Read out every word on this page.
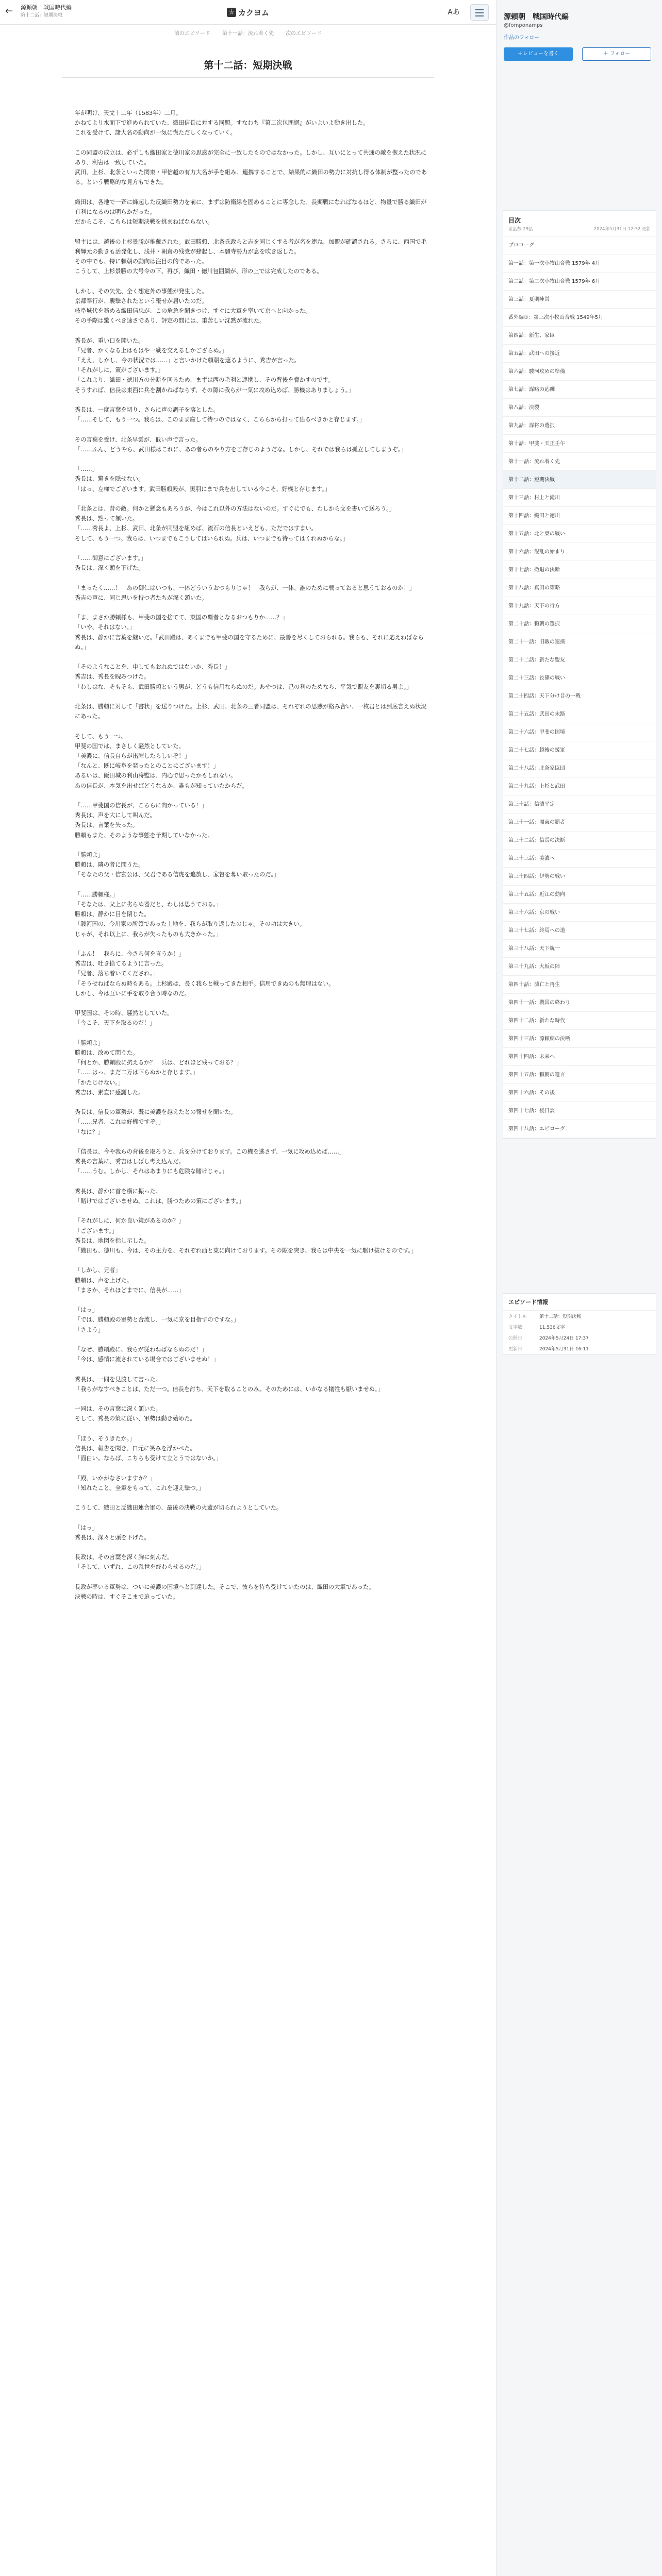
←	源頼朝　戦国時代編
第十二話：短期決戦	カ カクヨム	Aあ
前のエピソード 第十一話：流れ着く先 次のエピソード
第十二話：短期決戦

年が明け、天文十二年（1583年）二月。

かねてより水面下で進められていた、織田信長に対する同盟。すなわち『第二次包囲網』がいよいよ動き出した。

これを受けて、諸大名の動向が一気に慌ただしくなっていく。

この同盟の成立は、必ずしも織田家と德川家の思惑が完全に一致したものではなかった。しかし、互いにとって共通の敵を抱えた状況にあり、利害は一致していた。

武田、上杉、北条といった関東・甲信越の有力大名が手を組み、連携することで、結果的に織田の勢力に対抗し得る体制が整ったのである。という戦略的な見方もできた。

織田は、各地で一斉に蜂起した反織田勢力を前に、まずは防衛線を固めることに専念した。長期戦になればなるほど、物量で勝る織田が有利になるのは明らかだった。

だからこそ、こちらは短期決戦を挑まねばならない。

盟主には、越後の上杉景勝が推戴された。武田勝頼、北条氏政らと志を同じくする者が名を連ね、加盟が確認される。さらに、西国で毛利輝元の動きも活発化し、浅井・朝倉の残党が蜂起し、本願寺勢力が息を吹き返した。

その中でも、特に頼朝の動向は注目の的であった。

こうして、上杉景勝の大号令の下、再び、織田・徳川包囲網が、形の上では完成したのである。

しかし、その矢先、全く想定外の事態が発生した。

京都奉行が、襲撃されたという報せが届いたのだ。

岐阜城代を務める織田信忠が、この危急を聞きつけ、すぐに大軍を率いて京へと向かった。

その手際は驚くべき速さであり、評定の間には、重苦しい沈黙が流れた。

秀長が、重い口を開いた。

「兄者、かくなる上はもはや一戦を交えるしかござらぬ。」

「ええ、しかし、今の状況では……」と言いかけた頼朝を遮るように、秀吉が言った。

「それがしに、策がございます。」

「これより、織田・徳川方の分断を図るため、まずは西の毛利と連携し、その背後を脅かすのです。

そうすれば、信長は東西に兵を割かねばならず、その隙に我らが一気に攻め込めば、勝機はありましょう。」

秀長は、一度言葉を切り、さらに声の調子を落とした。

「……そして、もう一つ。我らは、このまま座して待つのではなく、こちらから打って出るべきかと存じます。」

その言葉を受け、北条早雲が、低い声で言った。

「……ふん、どうやら、武田様はこれに、あの者らのやり方をご存じのようだな。しかし、それでは我らは孤立してしまうぞ。」

「……」

秀長は、驚きを隠せない。

「はっ、左様でございます。武田勝頼殿が、奥羽にまで兵を出している今こそ、好機と存じます。」

「北条とは、昔の敵。何かと懸念もあろうが、今はこれ以外の方法はないのだ。すぐにでも、わしから文を書いて送ろう。」

秀長は、黙って頷いた。

「……秀長よ、上杉、武田、北条が同盟を組めば、流石の信長といえども、ただではすまい。

そして、もう一つ。我らは、いつまでもこうしてはいられぬ。兵は、いつまでも待ってはくれぬからな。」

「……御意にございます。」

秀長は、深く頭を下げた。

「まったく……！　あの御仁はいつも、一体どういうおつもりじゃ！　我らが、一体、誰のために戦っておると思うておるのか！」

秀吉の声に、同じ思いを持つ者たちが深く頷いた。

「ま、まさか勝頼様も、甲斐の国を捨てて、東国の覇者となるおつもりか……？」

「いや、それはない。」

秀長は、静かに言葉を継いだ。「武田殿は、あくまでも甲斐の国を守るために、最善を尽くしておられる。我らも、それに応えねばならぬ。」

「そのようなことを、申してもおれぬではないか、秀長！」

秀吉は、秀長を睨みつけた。

「わしはな、そもそも、武田勝頼という男が、どうも信用ならぬのだ。あやつは、己の利のためなら、平気で盟友を裏切る男よ。」

北条は、勝頼に対して「書状」を送りつけた。上杉、武田、北条の三者同盟は、それぞれの思惑が絡み合い、一枚岩とは到底言えぬ状況にあった。

そして、もう一つ。

甲斐の国では、まさしく騒然としていた。

「美濃に、信長自らが出陣したらしいぞ！」

「なんと、既に岐阜を発ったとのことにございます！」

あるいは、飯田城の利山将監は、内心で思ったかもしれない。

あの信長が、本気を出せばどうなるか、誰もが知っていたからだ。

「……甲斐国の信長が、こちらに向かっている！」

秀長は、声を大にして叫んだ。

秀長は、言葉を失った。

勝頼もまた、そのような事態を予期していなかった。

「勝頼よ」

勝頼は、隣の者に問うた。

「そなたの父・信玄公は、父君である信虎を追放し、家督を奪い取ったのだ。」

「……勝頼様。」

「そなたは、父上に劣らぬ器だと、わしは思うておる。」

勝頼は、静かに目を閉じた。

「駿河国の、今川家の所領であった土地を、我らが取り返したのじゃ。その功は大きい。

じゃが、それ以上に、我らが失ったものも大きかった。」

「ふん！　我らに、今さら何を言うか！」

秀吉は、吐き捨てるように言った。

「兄者、落ち着いてくだされ。」

「そうせねばならぬ時もある。上杉殿は、長く我らと戦ってきた相手。信用できぬのも無理はない。

しかし、今は互いに手を取り合う時なのだ。」

甲斐国は、その時、騒然としていた。

「今こそ、天下を取るのだ！」

「勝頼よ」

勝頼は、改めて問うた。

「何とか、勝頼殿に抗えるか？　兵は、どれほど残っておる？」

「……はっ、まだ二万は下らぬかと存じます。」

「かたじけない。」

秀吉は、素直に感謝した。

秀長は、信長の軍勢が、既に美濃を越えたとの報せを聞いた。

「……兄者、これは好機ですぞ。」

「なに？」

「信長は、今や我らの背後を取ろうと、兵を分けております。この機を逃さず、一気に攻め込めば……」

秀長の言葉に、秀吉はしばし考え込んだ。

「……うむ。しかし、それはあまりにも危険な賭けじゃ。」

秀長は、静かに首を横に振った。

「賭けではございませぬ。これは、勝つための策にございます。」

「それがしに、何か良い策があるのか？」

「ございます。」

秀長は、地図を指し示した。

「織田も、徳川も、今は、その主力を、それぞれ西と東に向けております。その隙を突き、我らは中央を一気に駆け抜けるのです。」

「しかし、兄者」

勝頼は、声を上げた。

「まさか、それほどまでに、信長が……」

「はっ」

「では、勝頼殿の軍勢と合流し、一気に京を目指すのですな。」

「さよう」

「なぜ、勝頼殿に、我らが従わねばならぬのだ！」

「今は、感情に流されている場合ではございませぬ！」

秀長は、一同を見渡して言った。

「我らがなすべきことは、ただ一つ。信長を討ち、天下を取ることのみ。そのためには、いかなる犠牲も厭いませぬ。」

一同は、その言葉に深く頷いた。

そして、秀長の策に従い、軍勢は動き始めた。

「ほう、そうきたか。」

信長は、報告を聞き、口元に笑みを浮かべた。

「面白い。ならば、こちらも受けて立とうではないか。」

「殿、いかがなさいますか？」

「知れたこと。全軍をもって、これを迎え撃つ。」

こうして、織田と反織田連合軍の、最後の決戦の火蓋が切られようとしていた。

「はっ」

秀長は、深々と頭を下げた。

長政は、その言葉を深く胸に刻んだ。

「そして、いずれ、この乱世を終わらせるのだ。」

長政が率いる軍勢は、ついに美濃の国境へと到達した。そこで、彼らを待ち受けていたのは、織田の大軍であった。

決戦の時は、すぐそこまで迫っていた。

源頼朝　戦国時代編
@fomponamps
作品のフォロー
＋レビューを書く	＋ フォロー
目次
全話数 29話	2024年5月31日 12:32 更新
プロローグ
第一話：第一次小牧山合戦 1579年 4月
第二話：第二次小牧山合戦 1579年 6月
第三話：夏期陣営
番外編①：第三次小牧山合戦 1549年5月
第四話：新生、家臣
第五話：武田への接近
第六話：駿河攻めの準備
第七話：謀略の応酬
第八話：決裂
第九話：謀将の選択
第十話：甲斐・天正壬午
第十一話：流れ着く先
第十二話：短期決戦
第十三話：村上と滝川
第十四話：織田と徳川
第十五話：北と東の戦い
第十六話：混乱の始まり
第十七話：撤退の決断
第十八話：真田の策略
第十九話：天下の行方
第二十話：頼朝の選択
第二十一話：旧敵の連携
第二十二話：新たな盟友
第二十三話：長篠の戦い
第二十四話：天下分け目の一戦
第二十五話：武田の末路
第二十六話：甲斐の国境
第二十七話：越後の援軍
第二十八話：北条家臣団
第二十九話：上杉と武田
第三十話：信濃平定
第三十一話：関東の覇者
第三十二話：信長の決断
第三十三話：美濃へ
第三十四話：伊勢の戦い
第三十五話：近江の動向
第三十六話：京の戦い
第三十七話：終焉への道
第三十八話：天下統一
第三十九話：大坂の陣
第四十話：滅亡と再生
第四十一話：戦国の終わり
第四十二話：新たな時代
第四十三話：源頼朝の決断
第四十四話：未来へ
第四十五話：頼朝の遺言
第四十六話：その後
第四十七話：後日談
第四十八話：エピローグ
エピソード情報
タイトル	第十二話：短期決戦
文字数	11,536文字
公開日	2024年5月24日 17:37
更新日	2024年5月31日 16:11
